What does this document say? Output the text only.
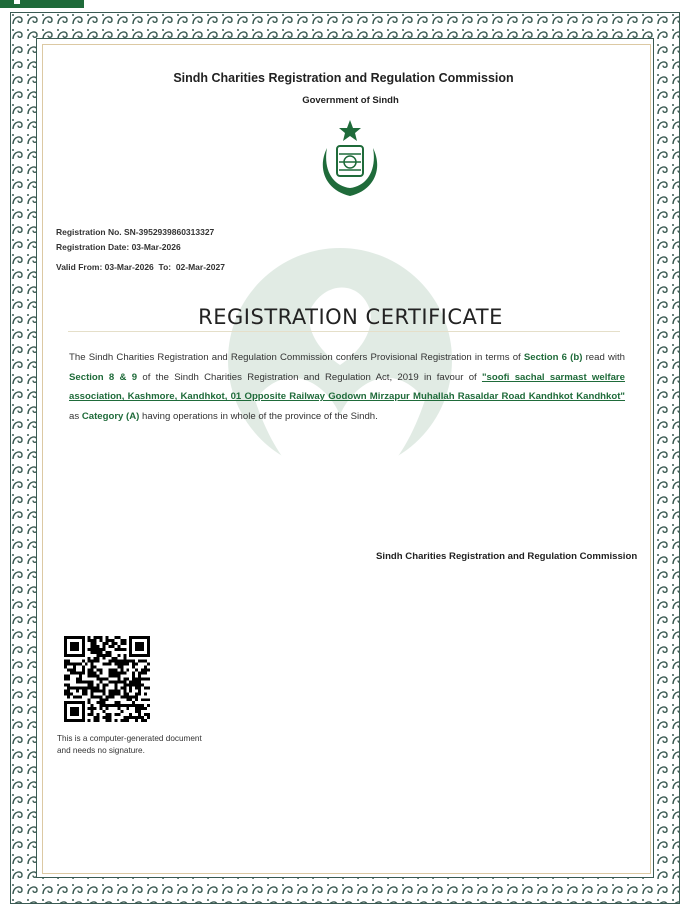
Sindh Charities Registration and Regulation Commission
Government of Sindh
Registration No. SN-3952939860313327
Registration Date: 03-Mar-2026
Valid From: 03-Mar-2026  To:  02-Mar-2027
REGISTRATION CERTIFICATE
The Sindh Charities Registration and Regulation Commission confers Provisional Registration in terms of Section 6 (b) read with Section 8 & 9 of the Sindh Charities Registration and Regulation Act, 2019 in favour of "soofi sachal sarmast welfare association, Kashmore, Kandhkot, 01 Opposite Railway Godown Mirzapur Muhallah Rasaldar Road Kandhkot Kandhkot" as Category (A) having operations in whole of the province of the Sindh.
Sindh Charities Registration and Regulation Commission
This is a computer-generated document and needs no signature.
